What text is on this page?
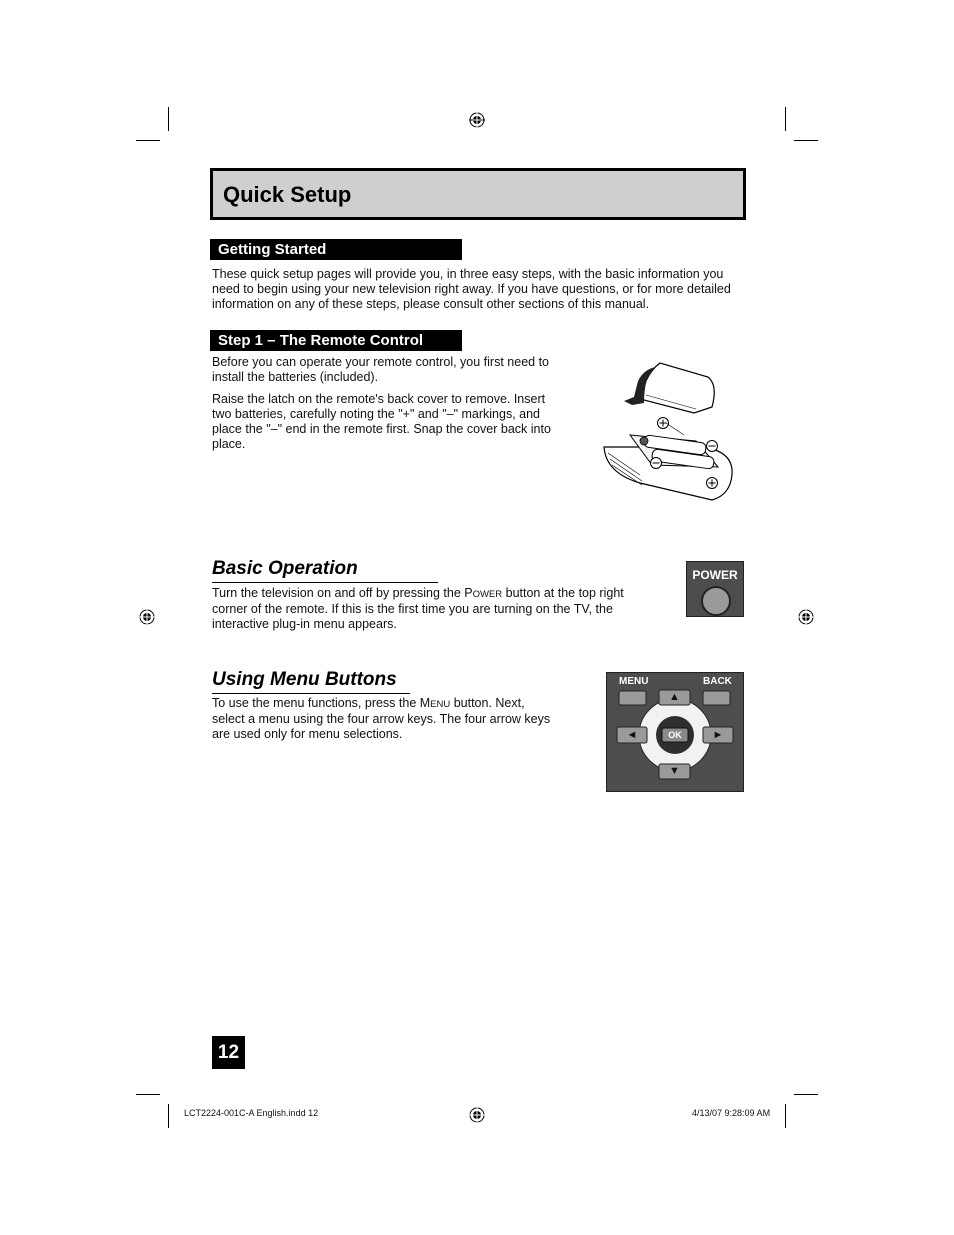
Quick Setup
Getting Started
These quick setup pages will provide you, in three easy steps, with the basic information you
need to begin using your new television right away. If you have questions, or for more detailed
information on any of these steps, please consult other sections of this manual.
Step 1 – The Remote Control
Before you can operate your remote control, you first need to
install the batteries (included).
Raise the latch on the remote's back cover to remove. Insert
two batteries, carefully noting the "+" and "–" markings, and
place the "–" end in the remote first. Snap the cover back into
place.
Basic Operation
Turn the television on and off by pressing the POWER button at the top right
corner of the remote. If this is the first time you are turning on the TV, the
interactive plug-in menu appears.
POWER
Using Menu Buttons
To use the menu functions, press the MENU button. Next,
select a menu using the four arrow keys. The four arrow keys
are used only for menu selections.
MENU	BACK
▲
▼
◄	►
OK
12
LCT2224-001C-A English.indd 12	4/13/07 9:28:09 AM
